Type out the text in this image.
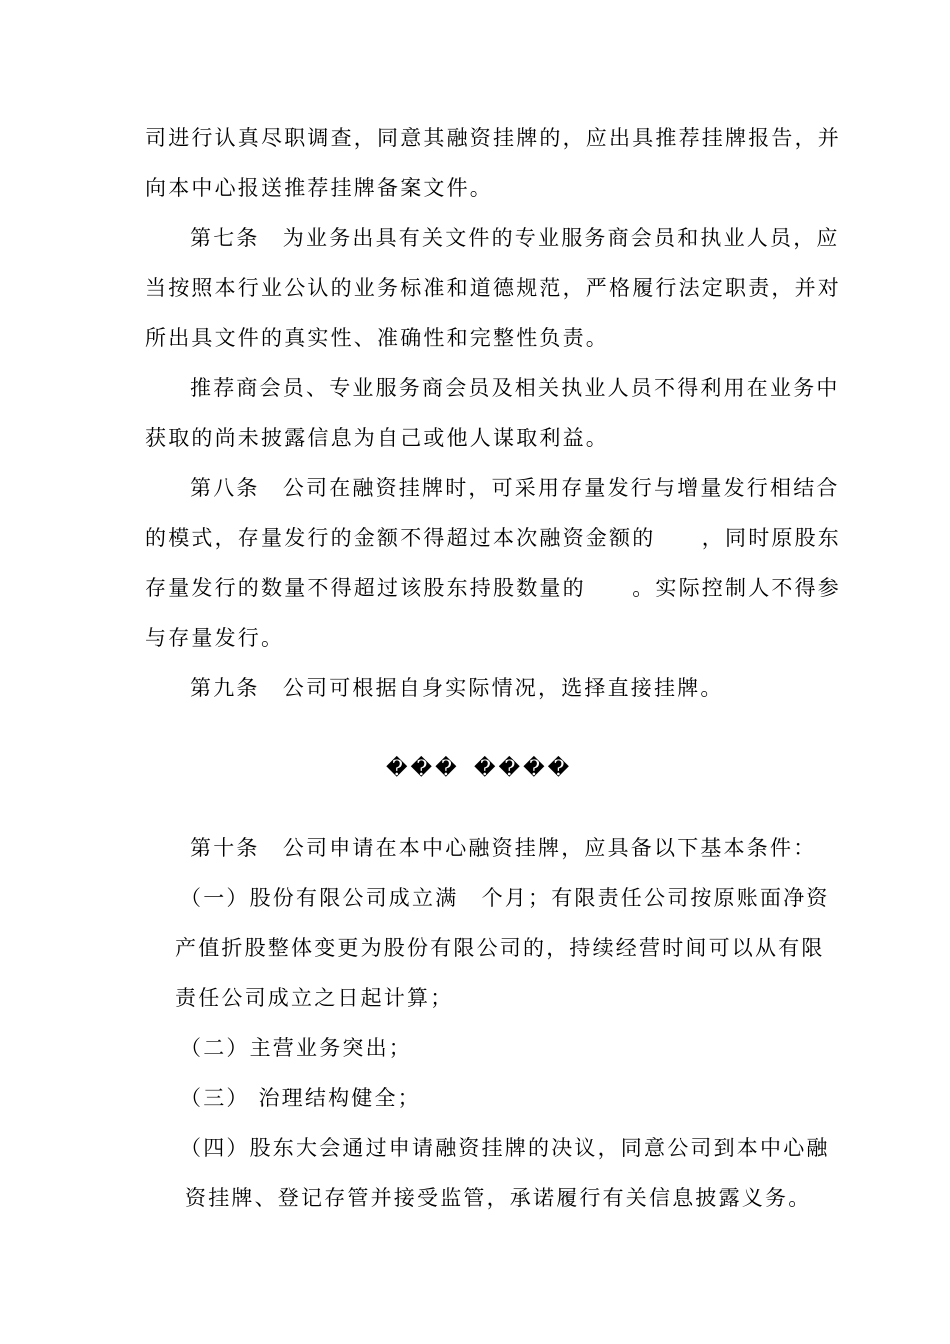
司进行认真尽职调查，同意其融资挂牌的，应出具推荐挂牌报告，并
向本中心报送推荐挂牌备案文件。
第七条　为业务出具有关文件的专业服务商会员和执业人员，应
当按照本行业公认的业务标准和道德规范，严格履行法定职责，并对
所出具文件的真实性、准确性和完整性负责。
推荐商会员、专业服务商会员及相关执业人员不得利用在业务中
获取的尚未披露信息为自己或他人谋取利益。
第八条　公司在融资挂牌时，可采用存量发行与增量发行相结合
的模式，存量发行的金额不得超过本次融资金额的　　，同时原股东
存量发行的数量不得超过该股东持股数量的　　。实际控制人不得参
与存量发行。
第九条　公司可根据自身实际情况，选择直接挂牌。
��� ����
第十条　公司申请在本中心融资挂牌，应具备以下基本条件：
（一）股份有限公司成立满　个月；有限责任公司按原账面净资
产值折股整体变更为股份有限公司的，持续经营时间可以从有限
责任公司成立之日起计算；
（二）主营业务突出；
（三） 治理结构健全；
（四）股东大会通过申请融资挂牌的决议，同意公司到本中心融
资挂牌、登记存管并接受监管，承诺履行有关信息披露义务。
